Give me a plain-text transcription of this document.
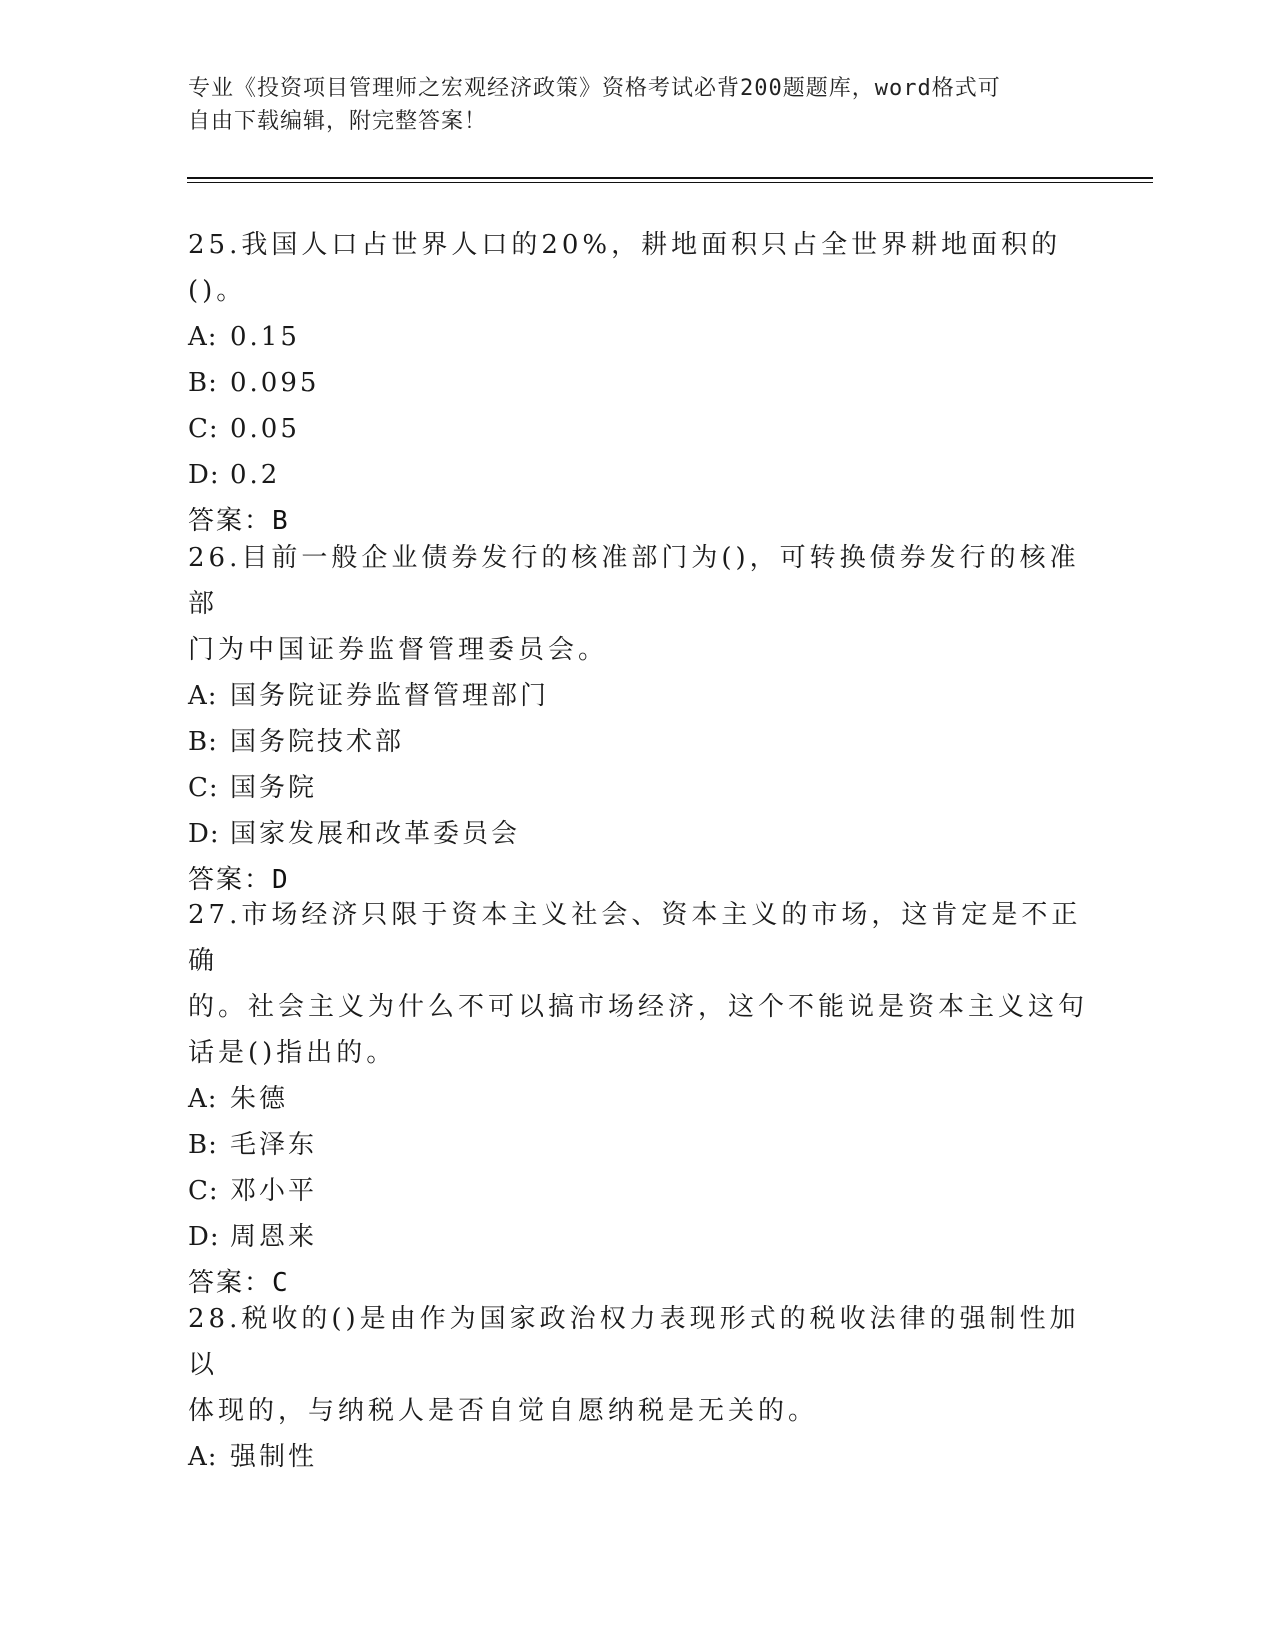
专业《投资项目管理师之宏观经济政策》资格考试必背200题题库，word格式可
自由下载编辑，附完整答案！
25.我国人口占世界人口的20%，耕地面积只占全世界耕地面积的()。
A: 0.15
B: 0.095
C: 0.05
D: 0.2
答案：B
26.目前一般企业债券发行的核准部门为()，可转换债券发行的核准部
门为中国证券监督管理委员会。
A: 国务院证券监督管理部门
B: 国务院技术部
C: 国务院
D: 国家发展和改革委员会
答案：D
27.市场经济只限于资本主义社会、资本主义的市场，这肯定是不正确
的。社会主义为什么不可以搞市场经济，这个不能说是资本主义这句
话是()指出的。
A: 朱德
B: 毛泽东
C: 邓小平
D: 周恩来
答案：C
28.税收的()是由作为国家政治权力表现形式的税收法律的强制性加以
体现的，与纳税人是否自觉自愿纳税是无关的。
A: 强制性
